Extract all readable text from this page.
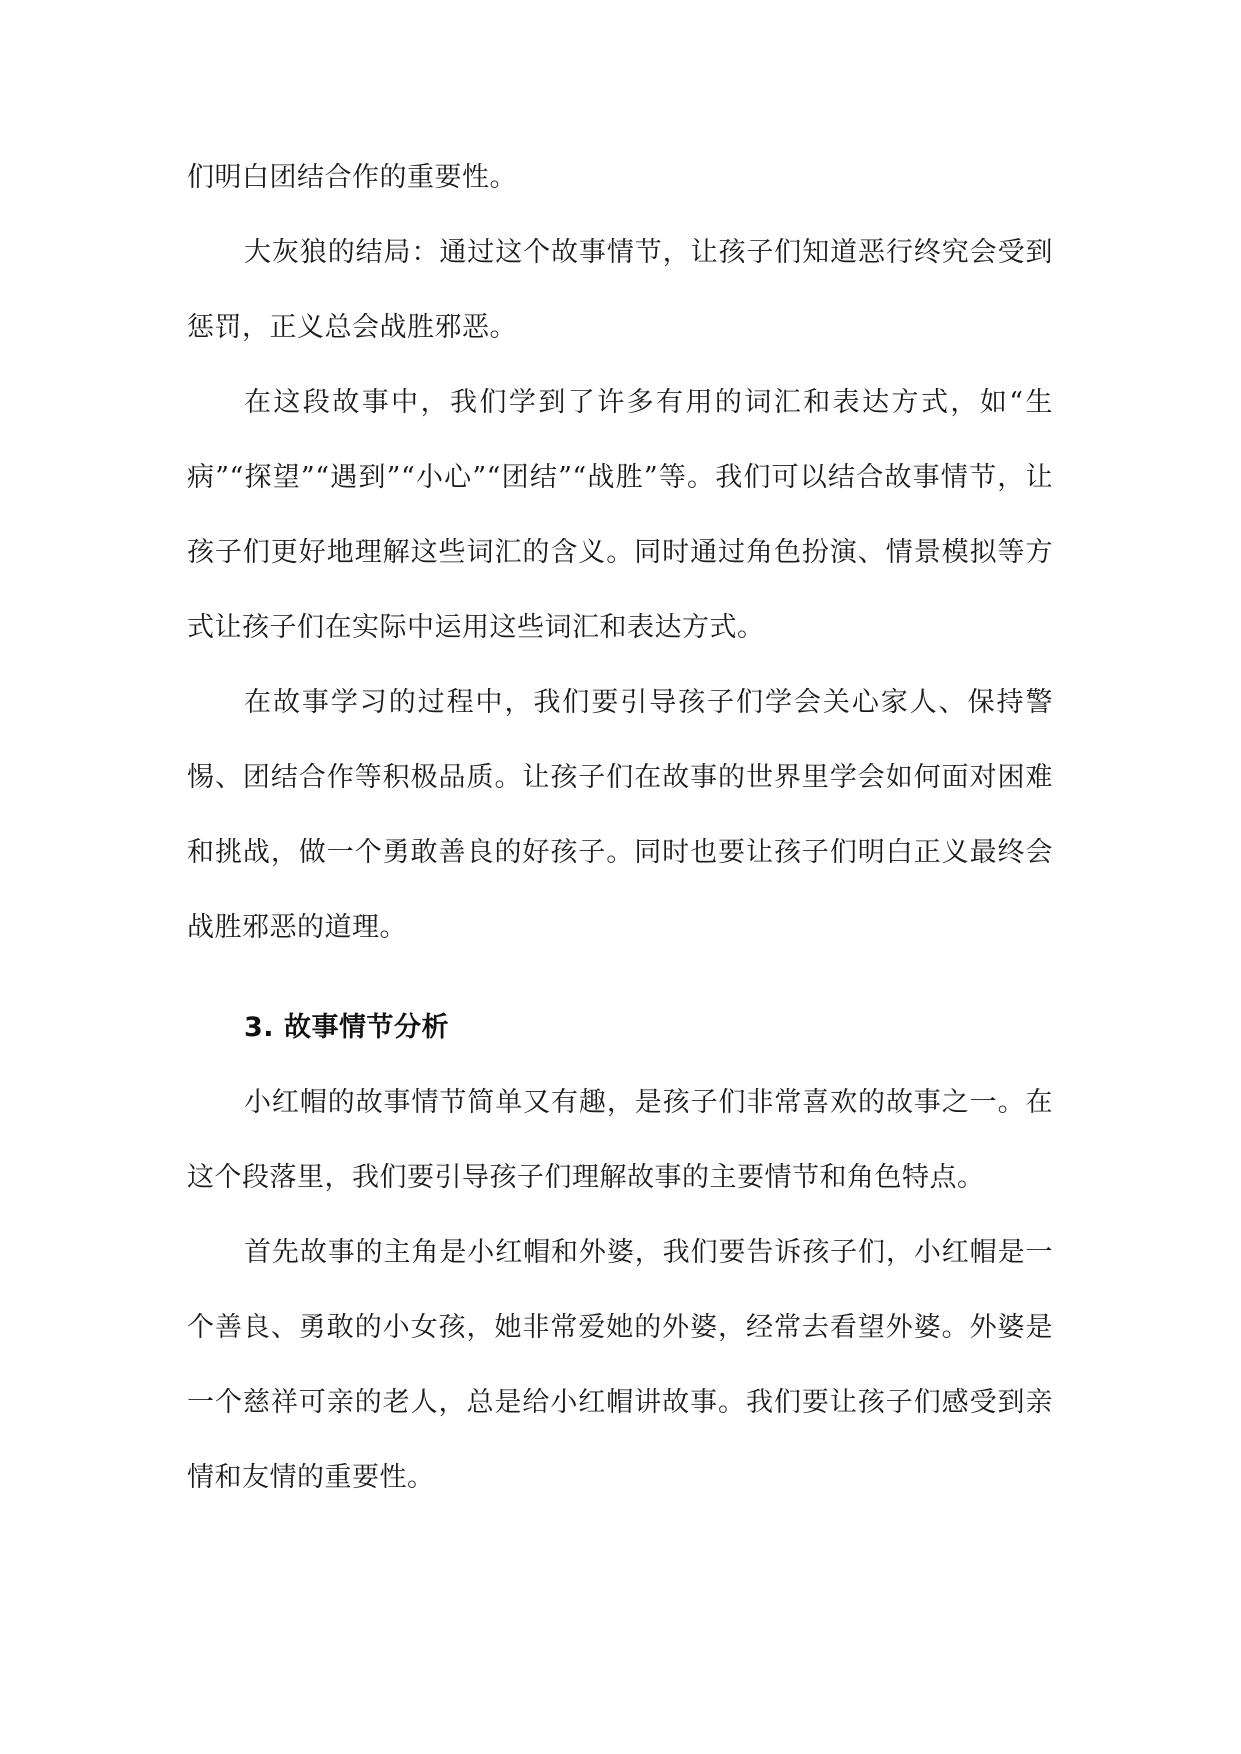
们明白团结合作的重要性。

大灰狼的结局：通过这个故事情节，让孩子们知道恶行终究会受到惩罚，正义总会战胜邪恶。

在这段故事中，我们学到了许多有用的词汇和表达方式，如“生病”“探望”“遇到”“小心”“团结”“战胜”等。我们可以结合故事情节，让孩子们更好地理解这些词汇的含义。同时通过角色扮演、情景模拟等方式让孩子们在实际中运用这些词汇和表达方式。

在故事学习的过程中，我们要引导孩子们学会关心家人、保持警惕、团结合作等积极品质。让孩子们在故事的世界里学会如何面对困难和挑战，做一个勇敢善良的好孩子。同时也要让孩子们明白正义最终会战胜邪恶的道理。

3. 故事情节分析

小红帽的故事情节简单又有趣，是孩子们非常喜欢的故事之一。在这个段落里，我们要引导孩子们理解故事的主要情节和角色特点。

首先故事的主角是小红帽和外婆，我们要告诉孩子们，小红帽是一个善良、勇敢的小女孩，她非常爱她的外婆，经常去看望外婆。外婆是一个慈祥可亲的老人，总是给小红帽讲故事。我们要让孩子们感受到亲情和友情的重要性。
